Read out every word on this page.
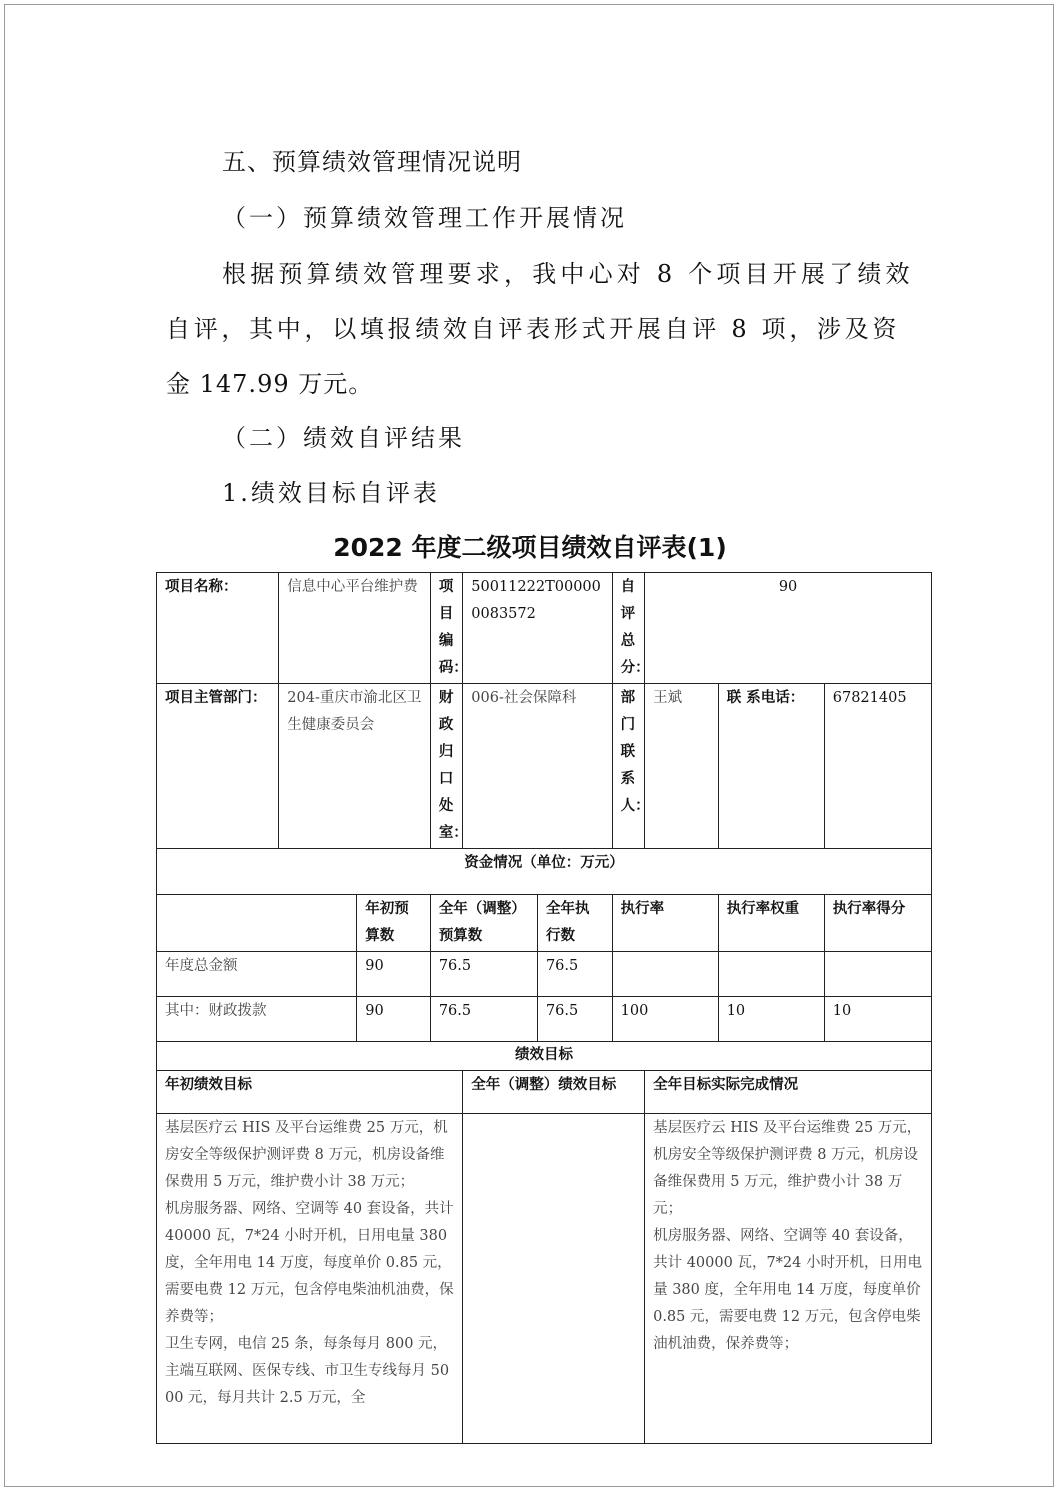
五、预算绩效管理情况说明

（一）预算绩效管理工作开展情况

根据预算绩效管理要求，我中心对 8 个项目开展了绩效

自评，其中，以填报绩效自评表形式开展自评 8 项，涉及资

金 147.99 万元。

（二）绩效自评结果

1.绩效目标自评表

2022 年度二级项目绩效自评表(1)

项目名称：	信息中心平台维护费		项 目编码：	50011222T000000083572		自 评总分：	90		
项目主管部门：	204-重庆市渝北区卫生健康委员会		财 政归 口处室：	006-社会保障科		部 门联 系人：	王斌	联 系电话：	67821405
资金情况（单位：万元）									
		年初预算数	全年（调整）预算数		全年执行数	执行率		执行率权重	执行率得分
年度总金额		90	76.5		76.5				
其中：财政拨款		90	76.5		76.5	100		10	10
绩效目标									
年初绩效目标				全年（调整）绩效目标			全年目标实际完成情况		
基层医疗云 HIS 及平台运维费 25 万元，机房安全等级保护测评费 8 万元，机房设备维保费用 5 万元，维护费小计 38 万元；
机房服务器、网络、空调等 40 套设备，共计 40000 瓦，7*24 小时开机，日用电量 380 度，全年用电 14 万度，每度单价 0.85 元，需要电费 12 万元，包含停电柴油机油费，保养费等；
卫生专网，电信 25 条，每条每月 800 元，主端互联网、医保专线、市卫生专线每月 5000 元，每月共计 2.5 万元，全							基层医疗云 HIS 及平台运维费 25 万元，机房安全等级保护测评费 8 万元，机房设备维保费用 5 万元，维护费小计 38 万元；
机房服务器、网络、空调等 40 套设备，共计 40000 瓦，7*24 小时开机，日用电量 380 度，全年用电 14 万度，每度单价 0.85 元，需要电费 12 万元，包含停电柴油机油费，保养费等；		
